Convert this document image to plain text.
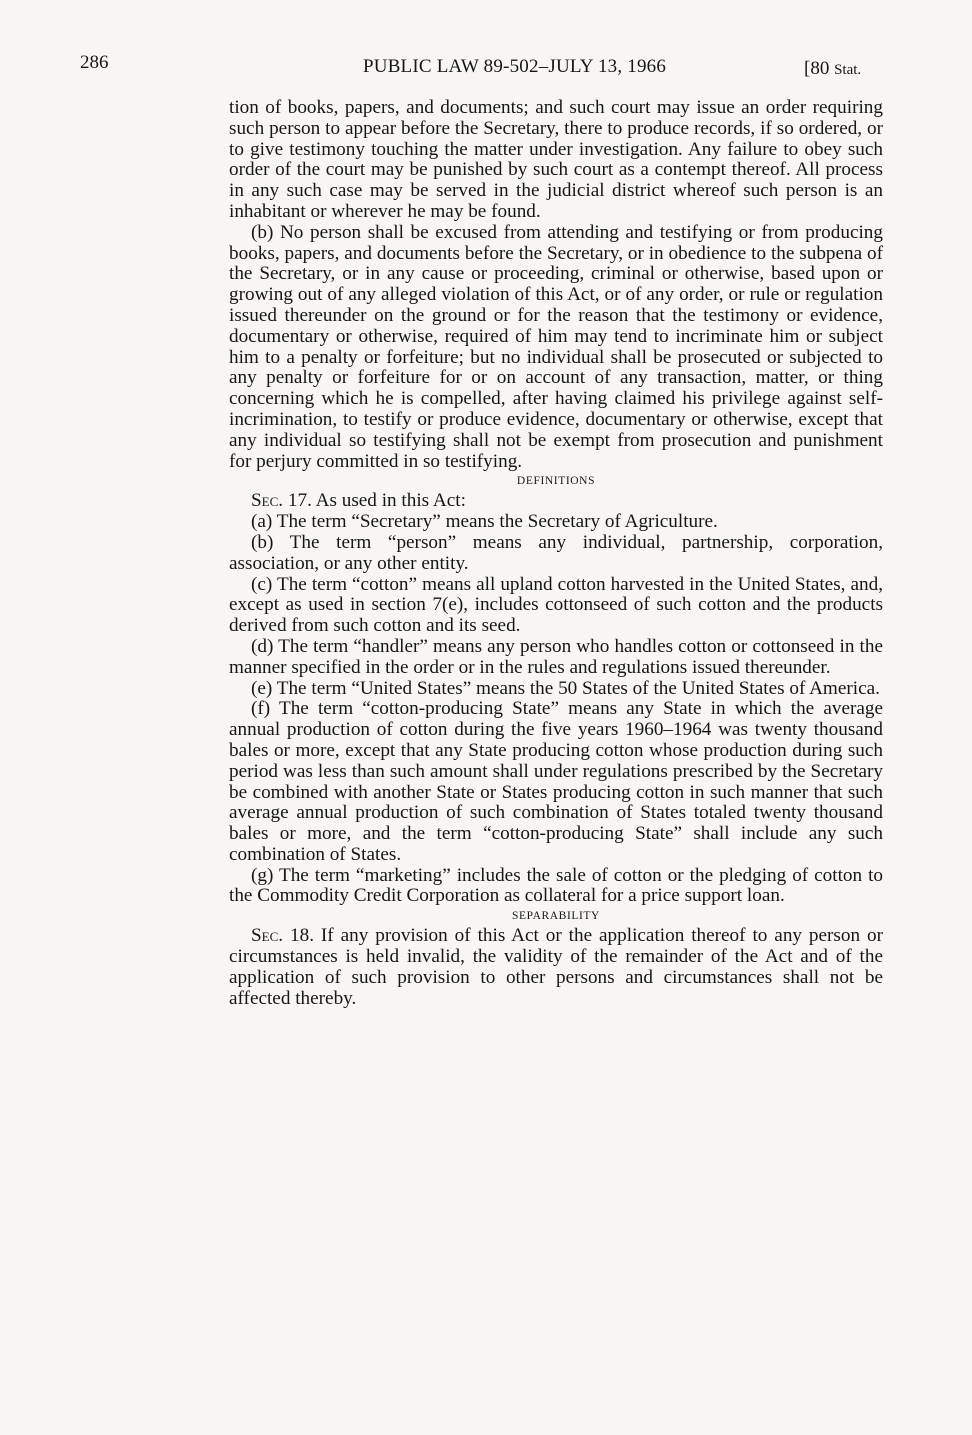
286	PUBLIC LAW 89-502–JULY 13, 1966	[80 Stat.

tion of books, papers, and documents; and such court may issue an order requiring such person to appear before the Secretary, there to produce records, if so ordered, or to give testimony touching the matter under investigation. Any failure to obey such order of the court may be punished by such court as a contempt thereof. All process in any such case may be served in the judicial district whereof such person is an inhabitant or wherever he may be found.

(b) No person shall be excused from attending and testifying or from producing books, papers, and documents before the Secretary, or in obedience to the subpena of the Secretary, or in any cause or proceeding, criminal or otherwise, based upon or growing out of any alleged violation of this Act, or of any order, or rule or regulation issued thereunder on the ground or for the reason that the testimony or evidence, documentary or otherwise, required of him may tend to incriminate him or subject him to a penalty or forfeiture; but no individual shall be prosecuted or subjected to any penalty or forfeiture for or on account of any transaction, matter, or thing concerning which he is compelled, after having claimed his privilege against self-incrimination, to testify or produce evidence, documentary or otherwise, except that any individual so testifying shall not be exempt from prosecution and punishment for perjury committed in so testifying.

DEFINITIONS

Sec. 17. As used in this Act:

(a) The term “Secretary” means the Secretary of Agriculture.

(b) The term “person” means any individual, partnership, corporation, association, or any other entity.

(c) The term “cotton” means all upland cotton harvested in the United States, and, except as used in section 7(e), includes cottonseed of such cotton and the products derived from such cotton and its seed.

(d) The term “handler” means any person who handles cotton or cottonseed in the manner specified in the order or in the rules and regulations issued thereunder.

(e) The term “United States” means the 50 States of the United States of America.

(f) The term “cotton-producing State” means any State in which the average annual production of cotton during the five years 1960–1964 was twenty thousand bales or more, except that any State producing cotton whose production during such period was less than such amount shall under regulations prescribed by the Secretary be combined with another State or States producing cotton in such manner that such average annual production of such combination of States totaled twenty thousand bales or more, and the term “cotton-producing State” shall include any such combination of States.

(g) The term “marketing” includes the sale of cotton or the pledging of cotton to the Commodity Credit Corporation as collateral for a price support loan.

SEPARABILITY

Sec. 18. If any provision of this Act or the application thereof to any person or circumstances is held invalid, the validity of the remainder of the Act and of the application of such provision to other persons and circumstances shall not be affected thereby.
